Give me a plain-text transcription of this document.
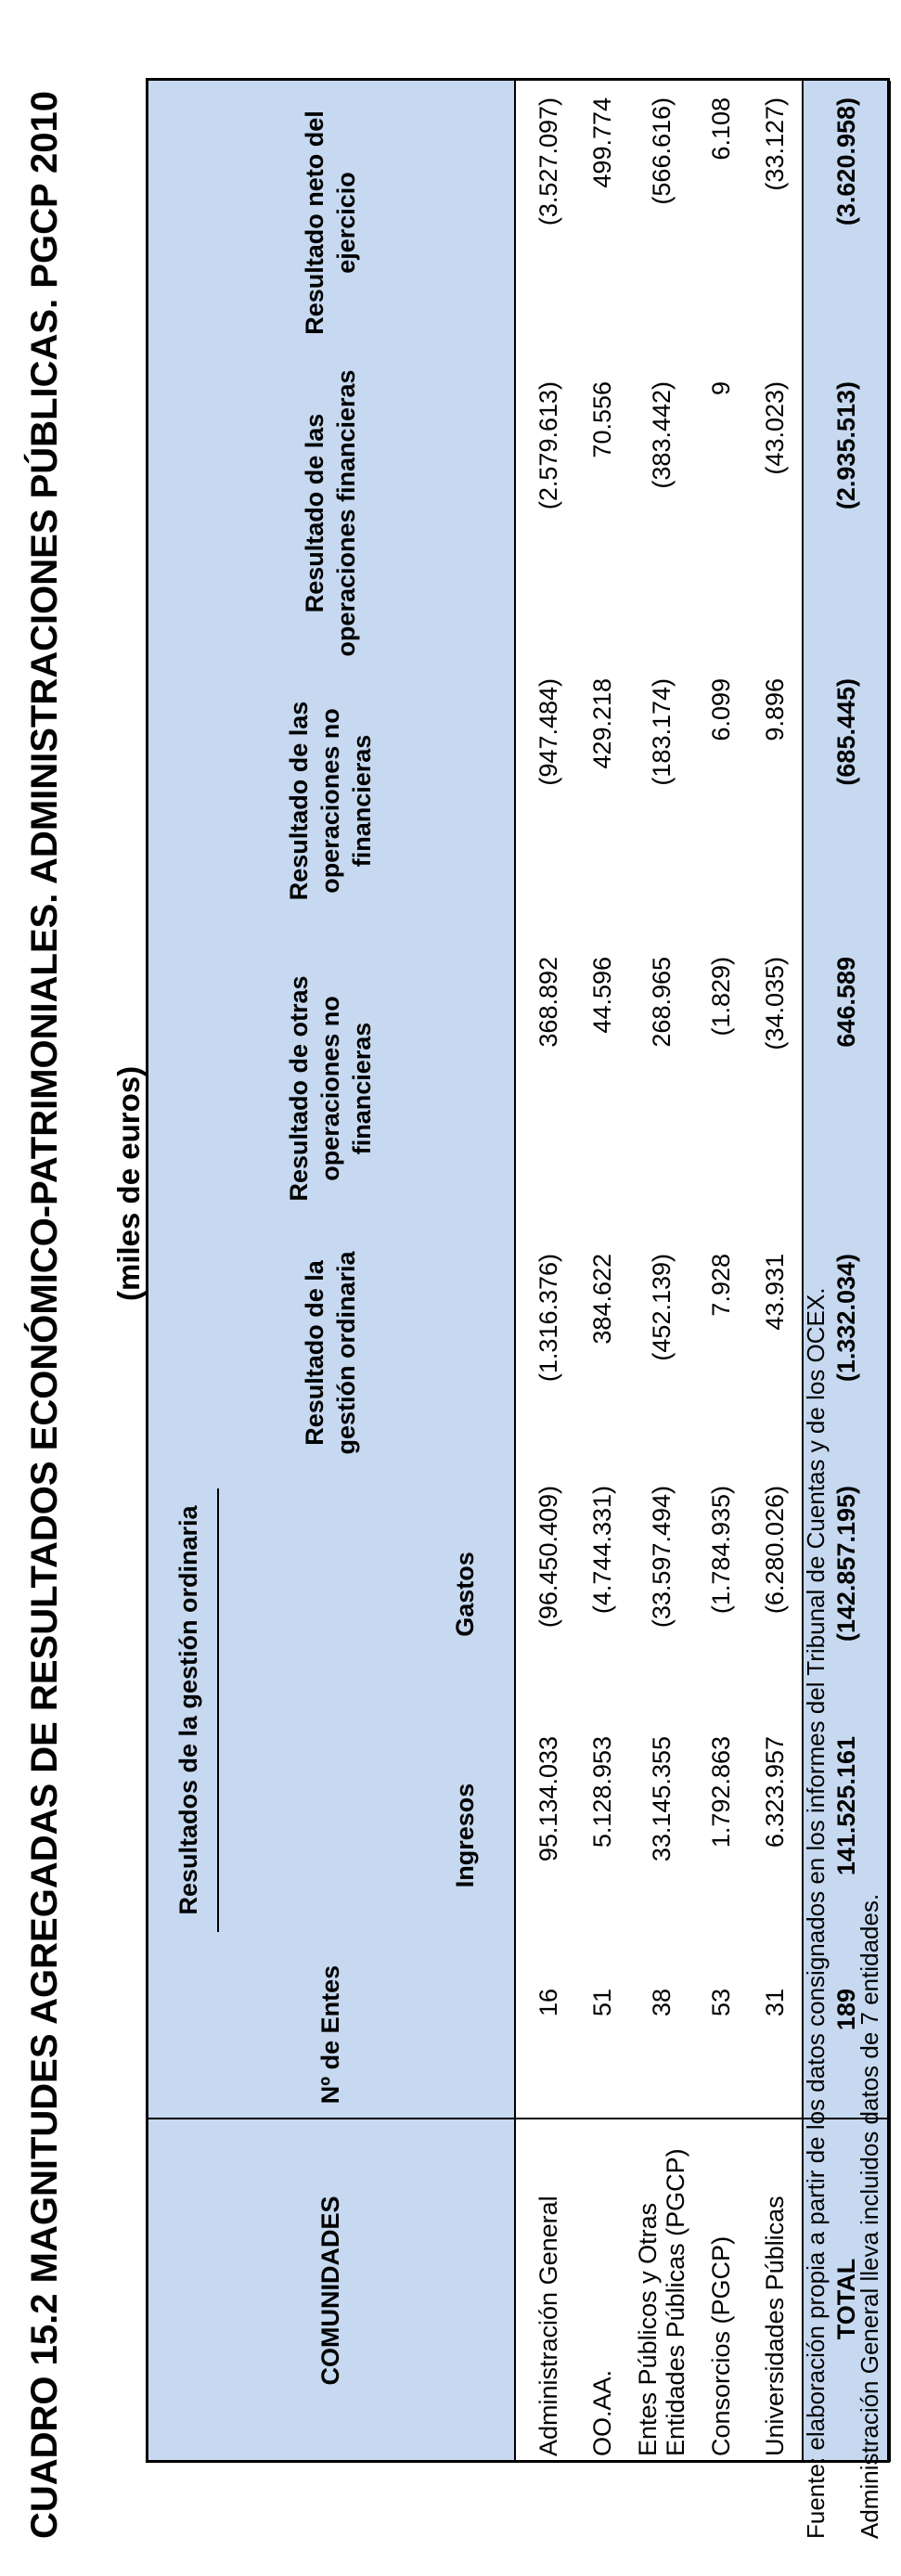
CUADRO 15.2 MAGNITUDES AGREGADAS DE RESULTADOS ECONÓMICO-PATRIMONIALES. ADMINISTRACIONES PÚBLICAS. PGCP 2010 (miles de euros)
COMUNIDADES	Nº de Entes	Resultados de la gestión ordinaria		Resultado de la gestión ordinaria	Resultado de otras operaciones no financieras	Resultado de las operaciones no financieras	Resultado de las operaciones financieras	Resultado neto del ejercicio
		Ingresos	Gastos					
Administración General	16	95.134.033	(96.450.409)	(1.316.376)	368.892	(947.484)	(2.579.613)	(3.527.097)
OO.AA.	51	5.128.953	(4.744.331)	384.622	44.596	429.218	70.556	499.774
Entes Públicos y Otras Entidades Públicas (PGCP)	38	33.145.355	(33.597.494)	(452.139)	268.965	(183.174)	(383.442)	(566.616)
Consorcios (PGCP)	53	1.792.863	(1.784.935)	7.928	(1.829)	6.099	9	6.108
Universidades Públicas	31	6.323.957	(6.280.026)	43.931	(34.035)	9.896	(43.023)	(33.127)
TOTAL	189	141.525.161	(142.857.195)	(1.332.034)	646.589	(685.445)	(2.935.513)	(3.620.958)
Fuente: elaboración propia a partir de los datos consignados en los informes del Tribunal de Cuentas y de los OCEX. Administración General lleva incluidos datos de 7 entidades.
